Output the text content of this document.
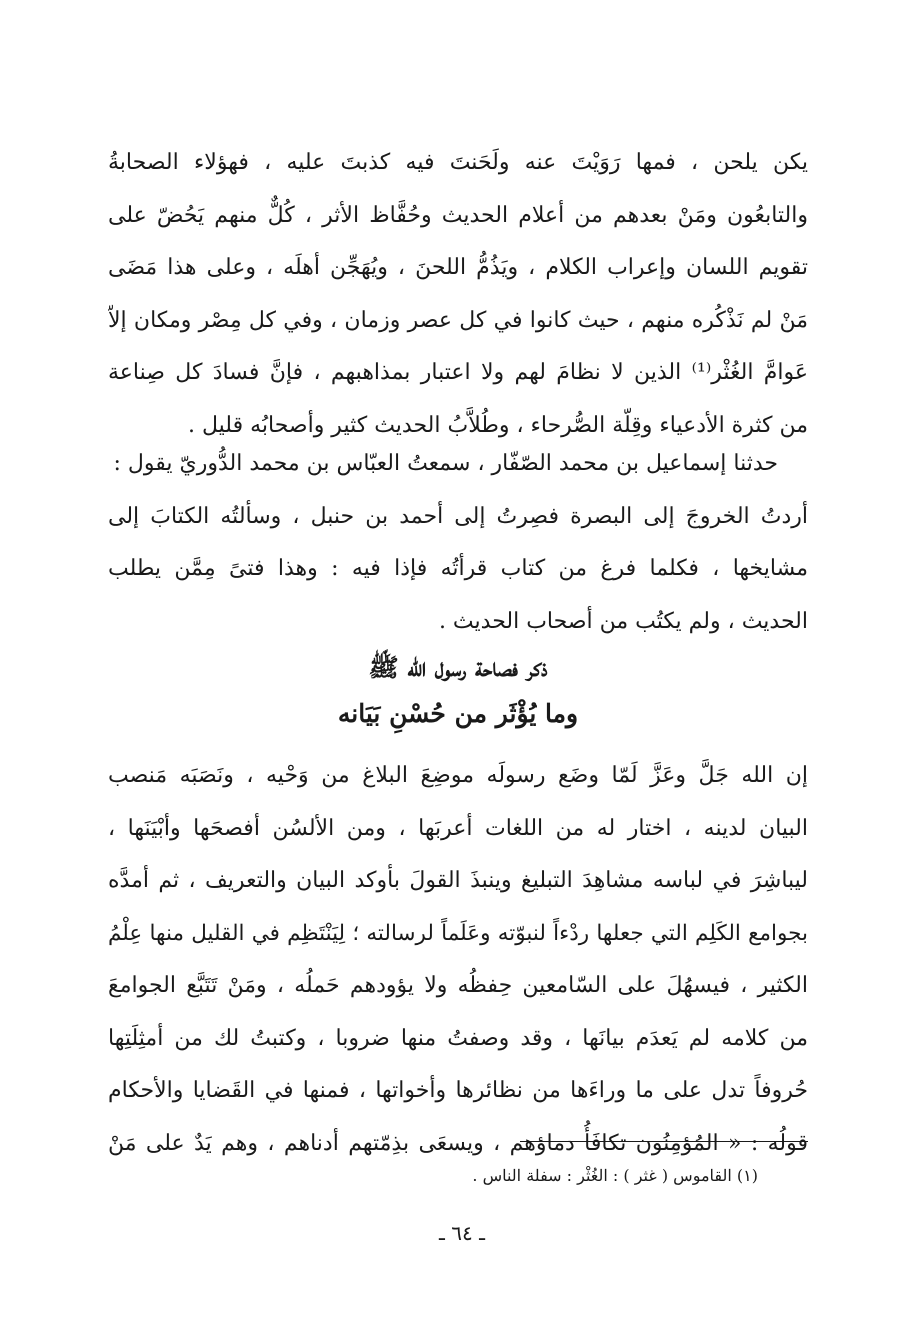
يكن يلحن ، فمها رَوَيْتَ عنه ولَحَنتَ فيه كذبتَ عليه ، فهؤلاء الصحابةُ
والتابعُون ومَنْ بعدهم من أعلام الحديث وحُفَّاظ الأثر ، كُلٌّ منهم يَحُضّ على
تقويم اللسان وإعراب الكلام ، ويَذُمُّ اللحنَ ، ويُهَجِّن أهلَه ، وعلى هذا مَضَى
مَنْ لم نَذْكُره منهم ، حيث كانوا في كل عصر وزمان ، وفي كل مِصْر ومكان إلاّ
عَوامَّ الغُثْر⁽¹⁾ الذين لا نظامَ لهم ولا اعتبار بمذاهبهم ، فإنَّ فسادَ كل صِناعة
من كثرة الأدعياء وقِلّة الصُّرحاء ، وطُلاَّبُ الحديث كثير وأصحابُه قليل .
حدثنا إسماعيل بن محمد الصّفّار ، سمعتُ العبّاس بن محمد الدُّوريّ يقول :
أردتُ الخروجَ إلى البصرة فصِرتُ إلى أحمد بن حنبل ، وسألتُه الكتابَ إلى
مشايخها ، فكلما فرغ من كتاب قرأتُه فإذا فيه : وهذا فتىً مِمَّن يطلب
الحديث ، ولم يكتُب من أصحاب الحديث .
ذكر فصاحة رسول الله ﷺ
وما يُؤْثَر من حُسْنِ بَيَانه
إن الله جَلَّ وعَزَّ لَمّا وضَع رسولَه موضِعَ البلاغ من وَحْيه ، ونَصَبَه مَنصب
البيان لدينه ، اختار له من اللغات أعربَها ، ومن الألسُن أفصحَها وأبْيَنَها ،
ليباشِرَ في لباسه مشاهِدَ التبليغ وينبذَ القولَ بأوكد البيان والتعريف ، ثم أمدَّه
بجوامع الكَلِم التي جعلها ردْءاً لنبوّته وعَلَماً لرسالته ؛ لِيَنْتَظِم في القليل منها عِلْمُ
الكثير ، فيسهُلَ على السّامعين حِفظُه ولا يؤودهم حَملُه ، ومَنْ تَتَبَّع الجوامعَ
من كلامه لم يَعدَم بيانَها ، وقد وصفتُ منها ضروبا ، وكتبتُ لك من أمثِلَتِها
حُروفاً تدل على ما وراءَها من نظائرها وأخواتها ، فمنها في القَضايا والأحكام
قولُه : « المُؤمِنُون تكافَأُ دماؤهم ، ويسعَى بذِمّتهم أدناهم ، وهم يَدٌ على مَنْ
(١) القاموس ( غثر ) : الغُثْر : سفلة الناس .
ـ ٦٤ ـ
